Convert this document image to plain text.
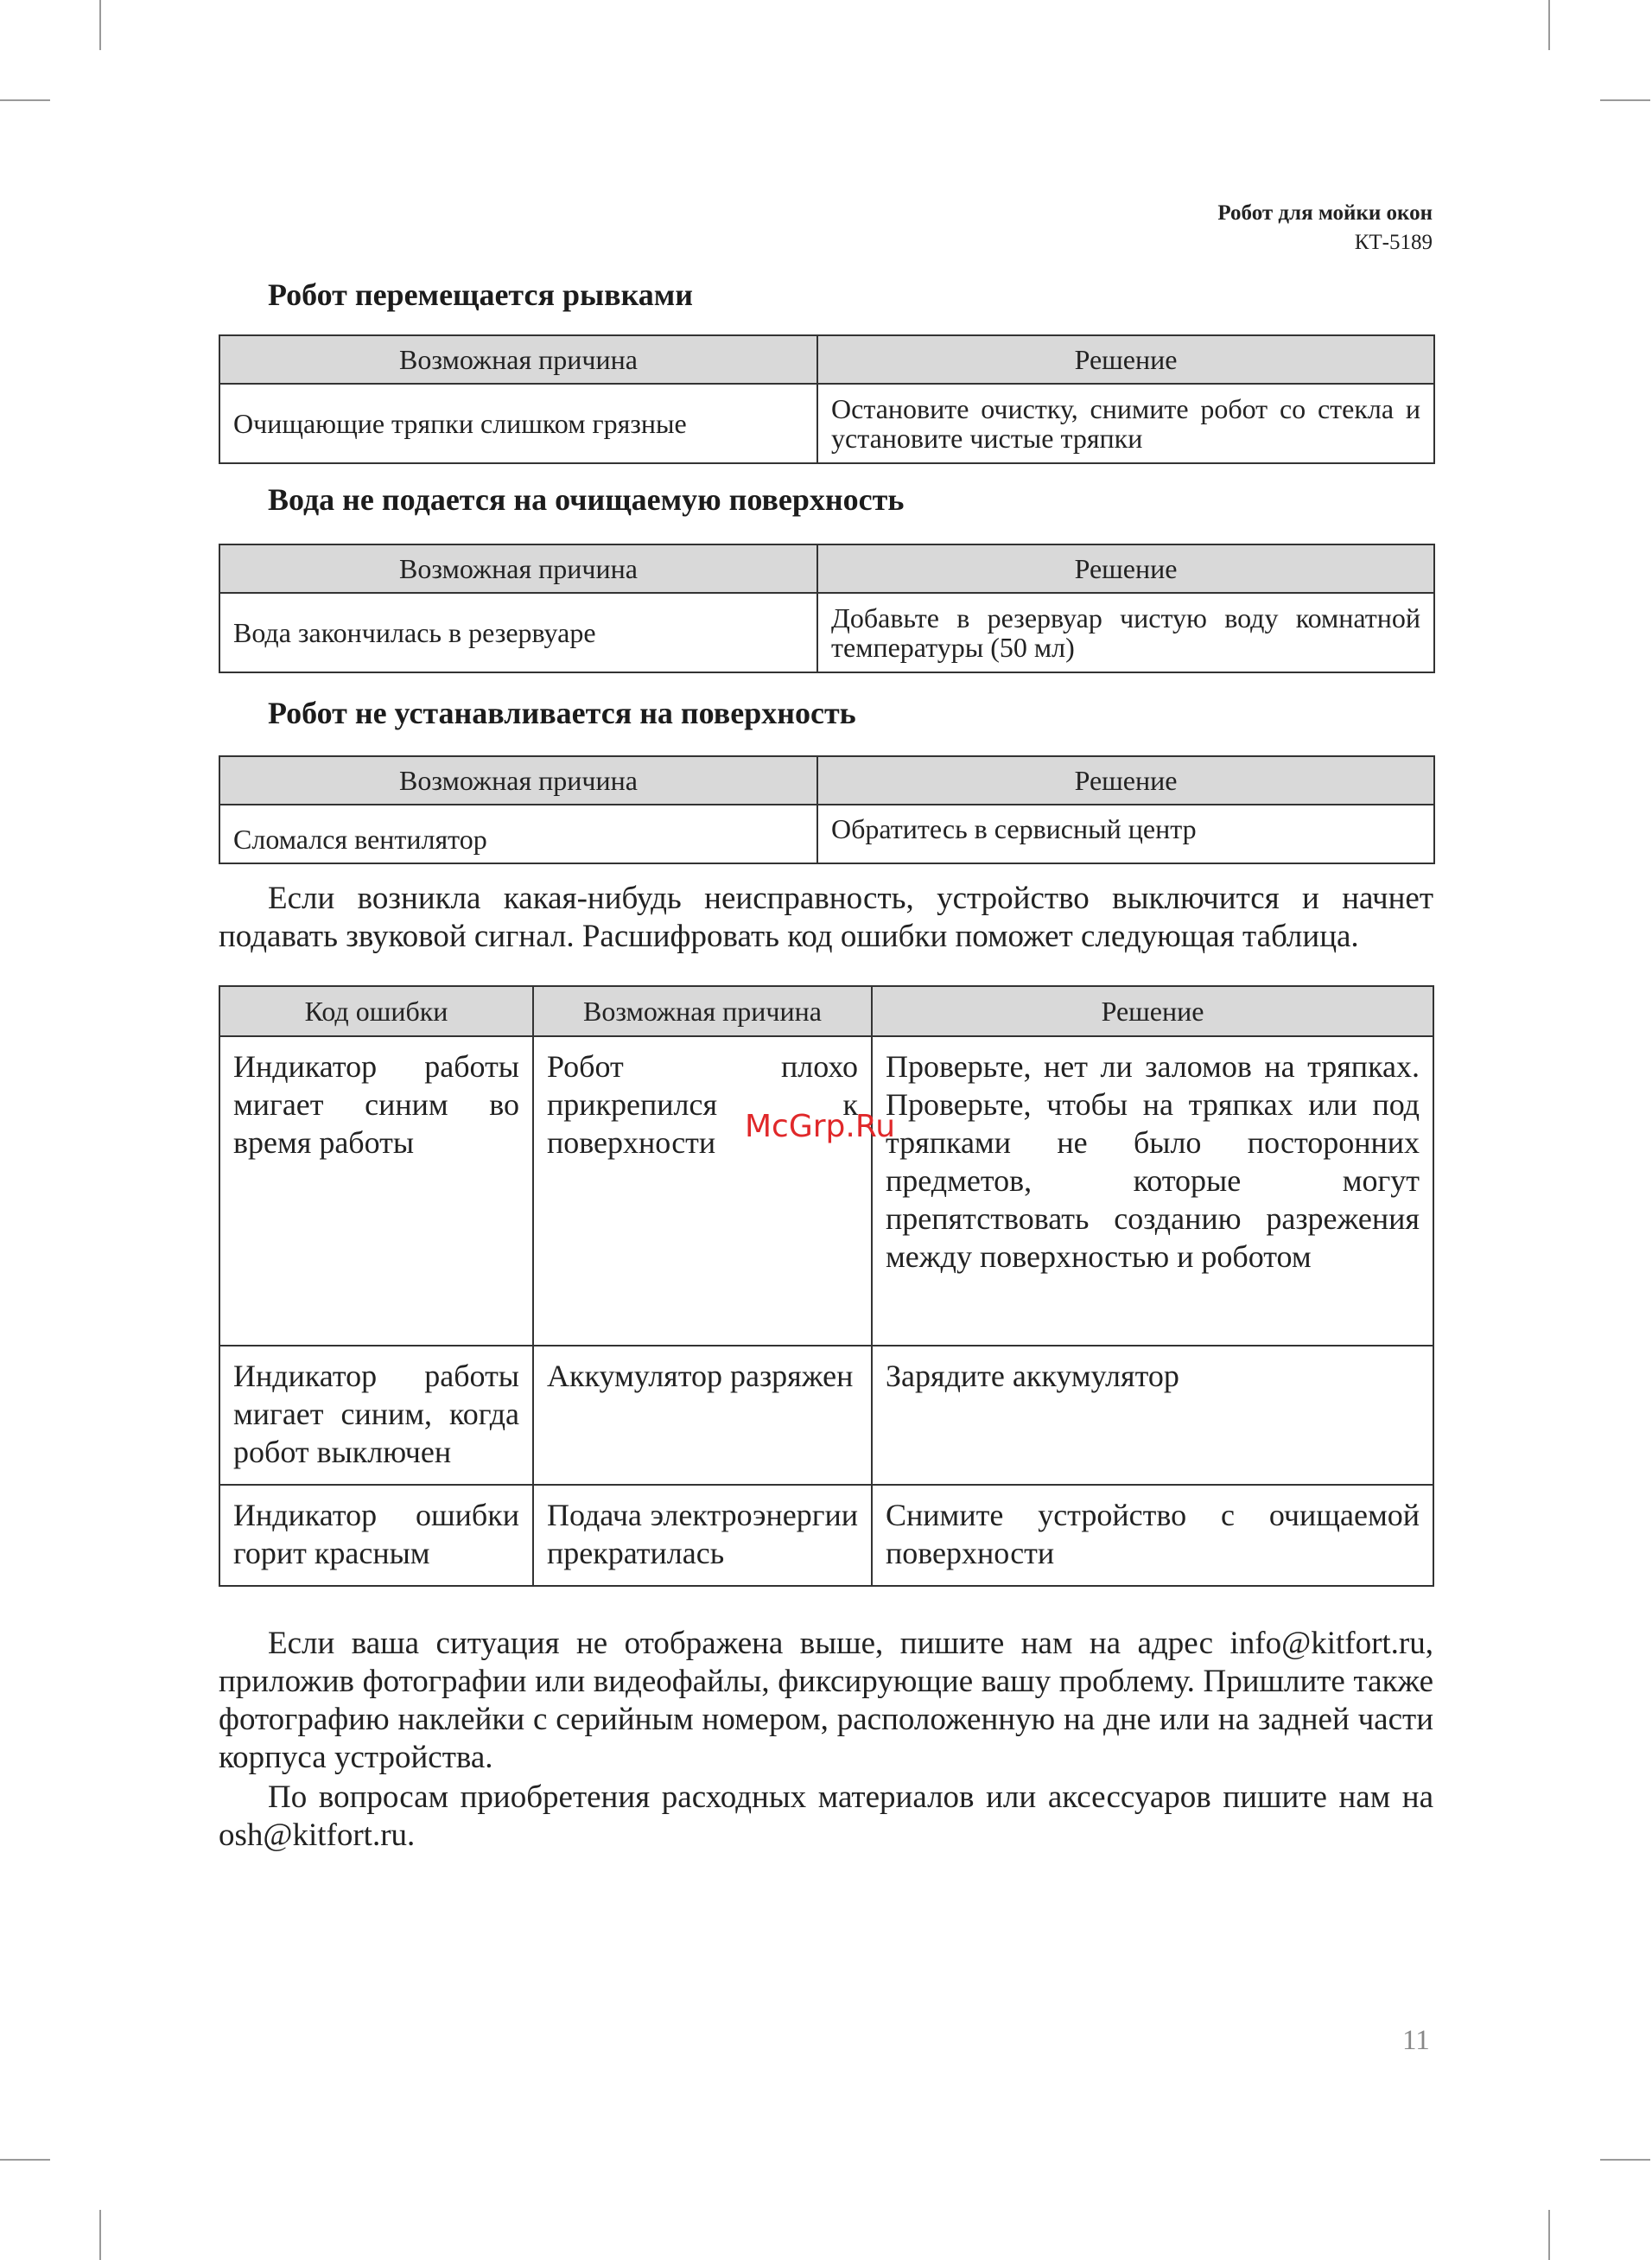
Робот для мойки окон
КТ-5189
Робот перемещается рывками
Возможная причина	Решение
Очищающие тряпки слишком грязные	Остановите очистку, снимите робот со стекла и установите чистые тряпки
Вода не подается на очищаемую поверхность
Возможная причина	Решение
Вода закончилась в резервуаре	Добавьте в резервуар чистую воду комнатной температуры (50 мл)
Робот не устанавливается на поверхность
Возможная причина	Решение
Сломался вентилятор	Обратитесь в сервисный центр

Если возникла какая-нибудь неисправность, устройство выключится и начнет подавать звуковой сигнал. Расшифровать код ошибки поможет следующая таблица.

Код ошибки	Возможная причина	Решение
Индикатор работы мигает синим во время работы	Робот плохо прикрепился к поверхности	Проверьте, нет ли заломов на тряпках. Проверьте, чтобы на тряпках или под тряпками не было посторонних предметов, которые могут препятствовать созданию разрежения между поверхностью и роботом
Индикатор работы мигает синим, когда робот выключен	Аккумулятор разряжен	Зарядите аккумулятор
Индикатор ошибки горит красным	Подача электроэнергии прекратилась	Снимите устройство с очищаемой поверхности
McGrp.Ru

Если ваша ситуация не отображена выше, пишите нам на адрес info@kitfort.ru, приложив фотографии или видеофайлы, фиксирующие вашу проблему. Пришлите также фотографию наклейки с серийным номером, расположенную на дне или на задней части корпуса устройства.

По вопросам приобретения расходных материалов или аксессуаров пишите нам на osh@kitfort.ru.

11
